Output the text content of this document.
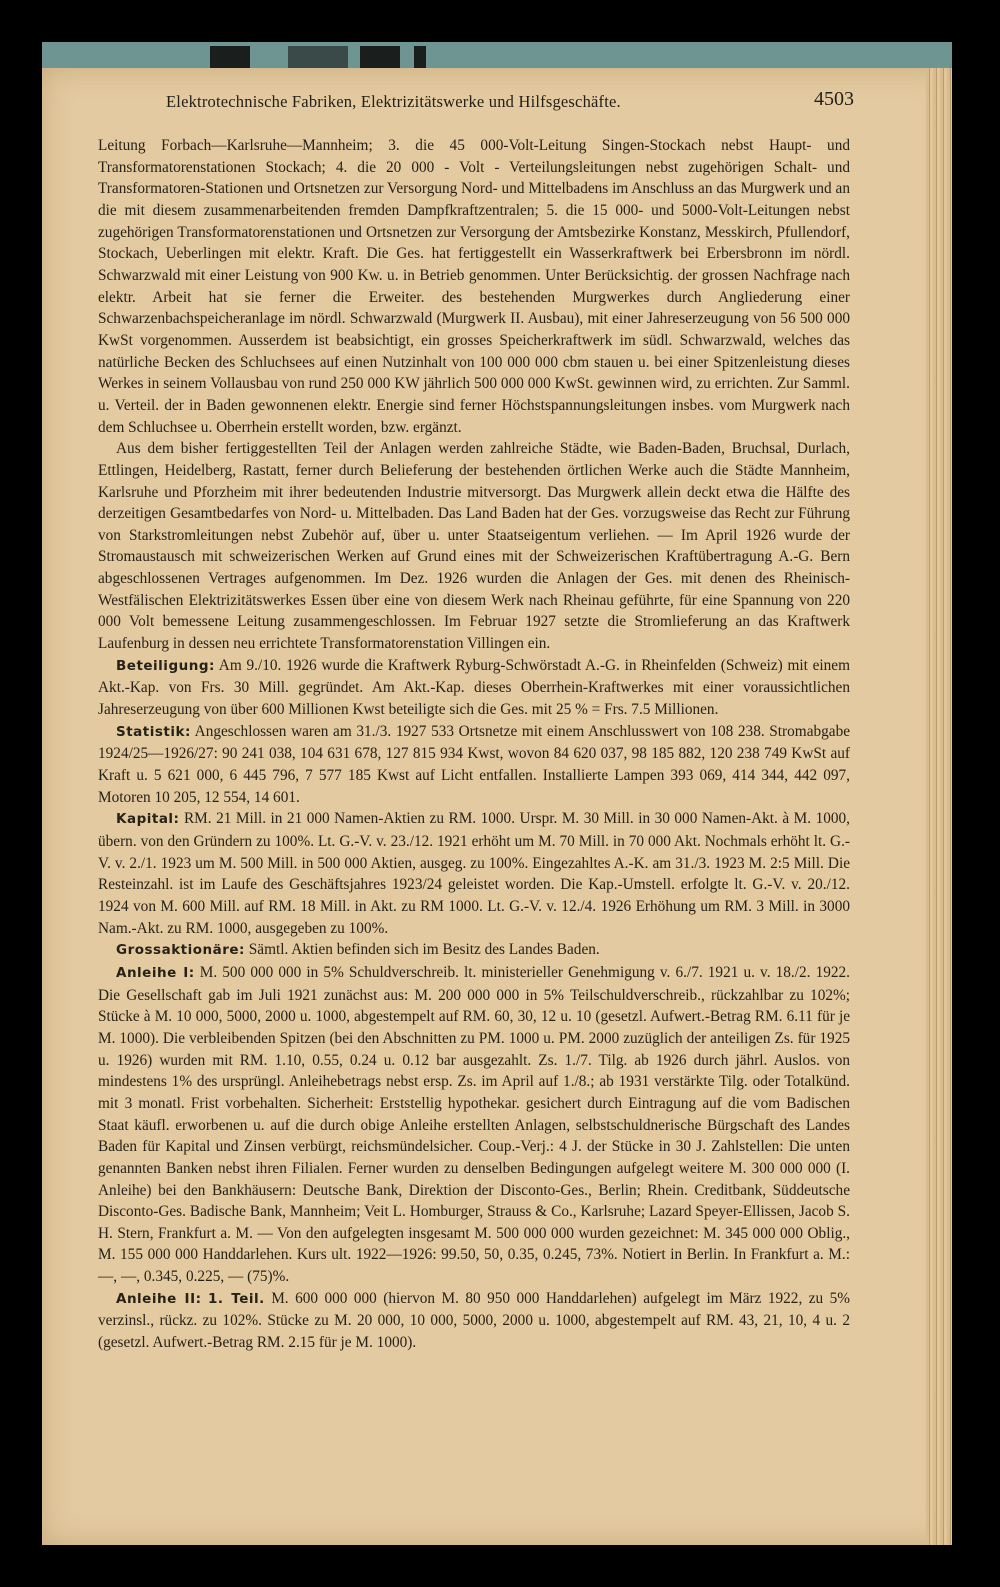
Elektrotechnische Fabriken, Elektrizitätswerke und Hilfsgeschäfte.	4503

Leitung Forbach—Karlsruhe—Mannheim; 3. die 45 000-Volt-Leitung Singen-Stockach nebst Haupt- und Transformatorenstationen Stockach; 4. die 20 000 - Volt - Verteilungsleitungen nebst zugehörigen Schalt- und Transformatoren-Stationen und Ortsnetzen zur Versorgung Nord- und Mittelbadens im Anschluss an das Murgwerk und an die mit diesem zusammenarbeitenden fremden Dampfkraftzentralen; 5. die 15 000- und 5000-Volt-Leitungen nebst zugehörigen Transformatorenstationen und Ortsnetzen zur Versorgung der Amtsbezirke Konstanz, Messkirch, Pfullendorf, Stockach, Ueberlingen mit elektr. Kraft. Die Ges. hat fertiggestellt ein Wasserkraftwerk bei Erbersbronn im nördl. Schwarzwald mit einer Leistung von 900 Kw. u. in Betrieb genommen. Unter Berücksichtig. der grossen Nachfrage nach elektr. Arbeit hat sie ferner die Erweiter. des bestehenden Murgwerkes durch Angliederung einer Schwarzenbachspeicheranlage im nördl. Schwarzwald (Murgwerk II. Ausbau), mit einer Jahreserzeugung von 56 500 000 KwSt vorgenommen. Ausserdem ist beabsichtigt, ein grosses Speicherkraftwerk im südl. Schwarzwald, welches das natürliche Becken des Schluchsees auf einen Nutzinhalt von 100 000 000 cbm stauen u. bei einer Spitzenleistung dieses Werkes in seinem Vollausbau von rund 250 000 KW jährlich 500 000 000 KwSt. gewinnen wird, zu errichten. Zur Samml. u. Verteil. der in Baden gewonnenen elektr. Energie sind ferner Höchstspannungsleitungen insbes. vom Murgwerk nach dem Schluchsee u. Oberrhein erstellt worden, bzw. ergänzt.

Aus dem bisher fertiggestellten Teil der Anlagen werden zahlreiche Städte, wie Baden-Baden, Bruchsal, Durlach, Ettlingen, Heidelberg, Rastatt, ferner durch Belieferung der bestehenden örtlichen Werke auch die Städte Mannheim, Karlsruhe und Pforzheim mit ihrer bedeutenden Industrie mitversorgt. Das Murgwerk allein deckt etwa die Hälfte des derzeitigen Gesamtbedarfes von Nord- u. Mittelbaden. Das Land Baden hat der Ges. vorzugsweise das Recht zur Führung von Starkstromleitungen nebst Zubehör auf, über u. unter Staatseigentum verliehen. — Im April 1926 wurde der Stromaustausch mit schweizerischen Werken auf Grund eines mit der Schweizerischen Kraftübertragung A.-G. Bern abgeschlossenen Vertrages aufgenommen. Im Dez. 1926 wurden die Anlagen der Ges. mit denen des Rheinisch-Westfälischen Elektrizitätswerkes Essen über eine von diesem Werk nach Rheinau geführte, für eine Spannung von 220 000 Volt bemessene Leitung zusammengeschlossen. Im Februar 1927 setzte die Stromlieferung an das Kraftwerk Laufenburg in dessen neu errichtete Transformatorenstation Villingen ein.

Beteiligung: Am 9./10. 1926 wurde die Kraftwerk Ryburg-Schwörstadt A.-G. in Rheinfelden (Schweiz) mit einem Akt.-Kap. von Frs. 30 Mill. gegründet. Am Akt.-Kap. dieses Oberrhein-Kraftwerkes mit einer voraussichtlichen Jahreserzeugung von über 600 Millionen Kwst beteiligte sich die Ges. mit 25 % = Frs. 7.5 Millionen.

Statistik: Angeschlossen waren am 31./3. 1927 533 Ortsnetze mit einem Anschlusswert von 108 238. Stromabgabe 1924/25—1926/27: 90 241 038, 104 631 678, 127 815 934 Kwst, wovon 84 620 037, 98 185 882, 120 238 749 KwSt auf Kraft u. 5 621 000, 6 445 796, 7 577 185 Kwst auf Licht entfallen. Installierte Lampen 393 069, 414 344, 442 097, Motoren 10 205, 12 554, 14 601.

Kapital: RM. 21 Mill. in 21 000 Namen-Aktien zu RM. 1000. Urspr. M. 30 Mill. in 30 000 Namen-Akt. à M. 1000, übern. von den Gründern zu 100%. Lt. G.-V. v. 23./12. 1921 erhöht um M. 70 Mill. in 70 000 Akt. Nochmals erhöht lt. G.-V. v. 2./1. 1923 um M. 500 Mill. in 500 000 Aktien, ausgeg. zu 100%. Eingezahltes A.-K. am 31./3. 1923 M. 2:5 Mill. Die Resteinzahl. ist im Laufe des Geschäftsjahres 1923/24 geleistet worden. Die Kap.-Umstell. erfolgte lt. G.-V. v. 20./12. 1924 von M. 600 Mill. auf RM. 18 Mill. in Akt. zu RM 1000. Lt. G.-V. v. 12./4. 1926 Erhöhung um RM. 3 Mill. in 3000 Nam.-Akt. zu RM. 1000, ausgegeben zu 100%.

Grossaktionäre: Sämtl. Aktien befinden sich im Besitz des Landes Baden.

Anleihe I: M. 500 000 000 in 5% Schuldverschreib. lt. ministerieller Genehmigung v. 6./7. 1921 u. v. 18./2. 1922. Die Gesellschaft gab im Juli 1921 zunächst aus: M. 200 000 000 in 5% Teilschuldverschreib., rückzahlbar zu 102%; Stücke à M. 10 000, 5000, 2000 u. 1000, abgestempelt auf RM. 60, 30, 12 u. 10 (gesetzl. Aufwert.-Betrag RM. 6.11 für je M. 1000). Die verbleibenden Spitzen (bei den Abschnitten zu PM. 1000 u. PM. 2000 zuzüglich der anteiligen Zs. für 1925 u. 1926) wurden mit RM. 1.10, 0.55, 0.24 u. 0.12 bar ausgezahlt. Zs. 1./7. Tilg. ab 1926 durch jährl. Auslos. von mindestens 1% des ursprüngl. Anleihebetrags nebst ersp. Zs. im April auf 1./8.; ab 1931 verstärkte Tilg. oder Totalkünd. mit 3 monatl. Frist vorbehalten. Sicherheit: Erststellig hypothekar. gesichert durch Eintragung auf die vom Badischen Staat käufl. erworbenen u. auf die durch obige Anleihe erstellten Anlagen, selbstschuldnerische Bürgschaft des Landes Baden für Kapital und Zinsen verbürgt, reichsmündelsicher. Coup.-Verj.: 4 J. der Stücke in 30 J. Zahlstellen: Die unten genannten Banken nebst ihren Filialen. Ferner wurden zu denselben Bedingungen aufgelegt weitere M. 300 000 000 (I. Anleihe) bei den Bankhäusern: Deutsche Bank, Direktion der Disconto-Ges., Berlin; Rhein. Creditbank, Süddeutsche Disconto-Ges. Badische Bank, Mannheim; Veit L. Homburger, Strauss & Co., Karlsruhe; Lazard Speyer-Ellissen, Jacob S. H. Stern, Frankfurt a. M. — Von den aufgelegten insgesamt M. 500 000 000 wurden gezeichnet: M. 345 000 000 Oblig., M. 155 000 000 Handdarlehen. Kurs ult. 1922—1926: 99.50, 50, 0.35, 0.245, 73%. Notiert in Berlin. In Frankfurt a. M.: —, —, 0.345, 0.225, — (75)%.

Anleihe II: 1. Teil. M. 600 000 000 (hiervon M. 80 950 000 Handdarlehen) aufgelegt im März 1922, zu 5% verzinsl., rückz. zu 102%. Stücke zu M. 20 000, 10 000, 5000, 2000 u. 1000, abgestempelt auf RM. 43, 21, 10, 4 u. 2 (gesetzl. Aufwert.-Betrag RM. 2.15 für je M. 1000).
